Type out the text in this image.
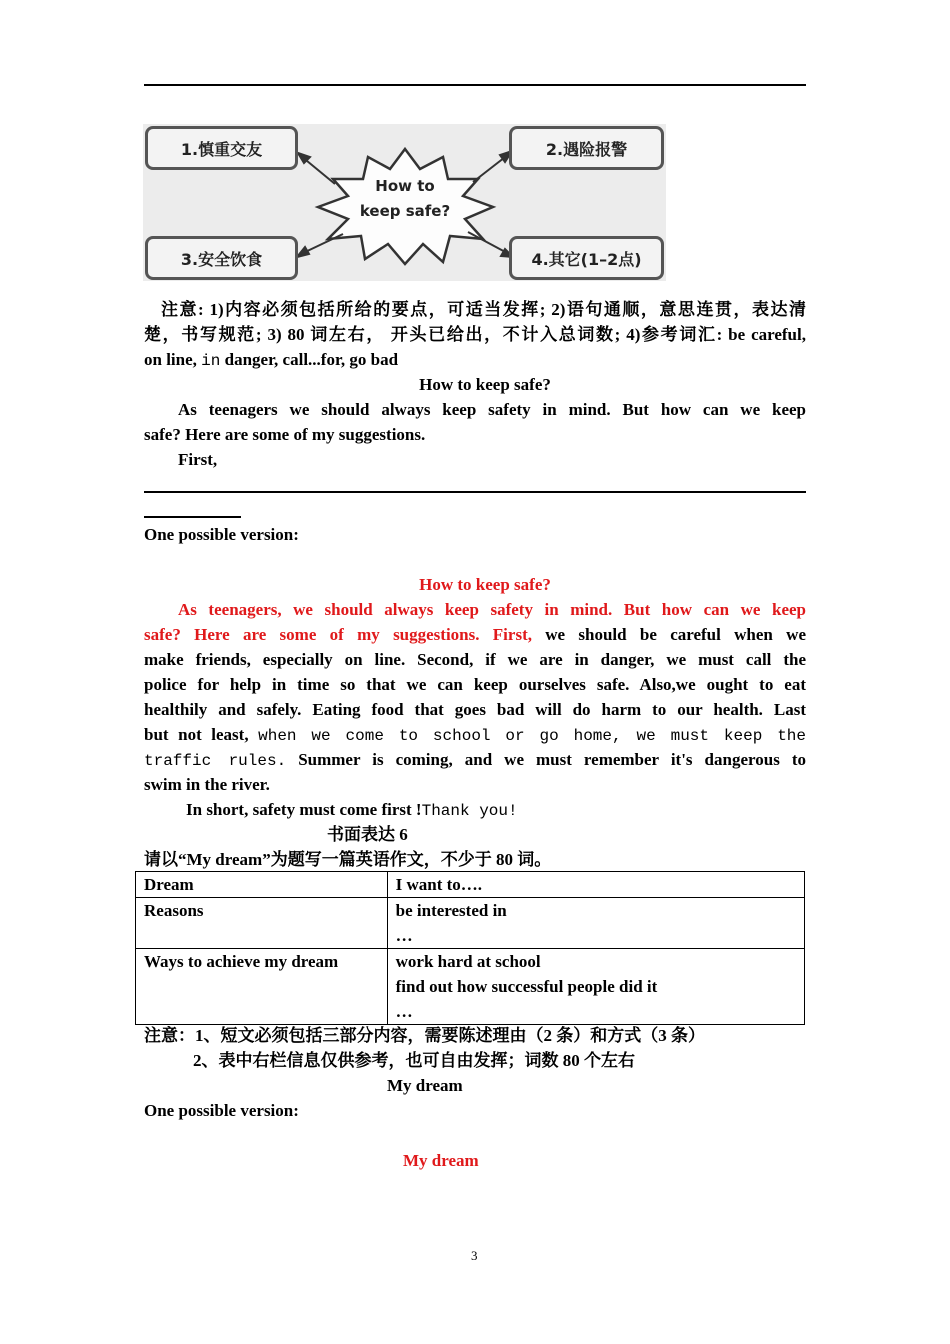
How to
keep safe?
1.慎重交友	2.遇险报警
3.安全饮食	4.其它(1–2点)
注意: 1)内容必须包括所给的要点，可适当发挥; 2)语句通顺，意思连贯，表达清
楚，书写规范; 3) 80 词左右， 开头已给出，不计入总词数; 4)参考词汇: be careful,
on line, in danger, call...for, go bad
How to keep safe?
As teenagers we should always keep safety in mind. But how can we keep
safe? Here are some of my suggestions.
First,
One possible version:
How to keep safe?
As teenagers, we should always keep safety in mind. But how can we keep
safe? Here are some of my suggestions. First, we should be careful when we
make friends, especially on line. Second, if we are in danger, we must call the
police for help in time so that we can keep ourselves safe. Also,we ought to eat
healthily and safely. Eating food that goes bad will do harm to our health. Last
but not least, when we come to school or go home, we must keep the
traffic rules. Summer is coming, and we must remember it's dangerous to
swim in the river.
In short, safety must come first !Thank you!
书面表达 6
请以“My dream”为题写一篇英语作文，不少于 80 词。
Dream	I want to….

Reasons	be interested in
…

Ways to achieve my dream	work hard at school
find out how successful people did it
…
注意：1、短文必须包括三部分内容，需要陈述理由（2 条）和方式（3 条）
2、表中右栏信息仅供参考，也可自由发挥；词数 80 个左右
My dream
One possible version:
My dream
3
